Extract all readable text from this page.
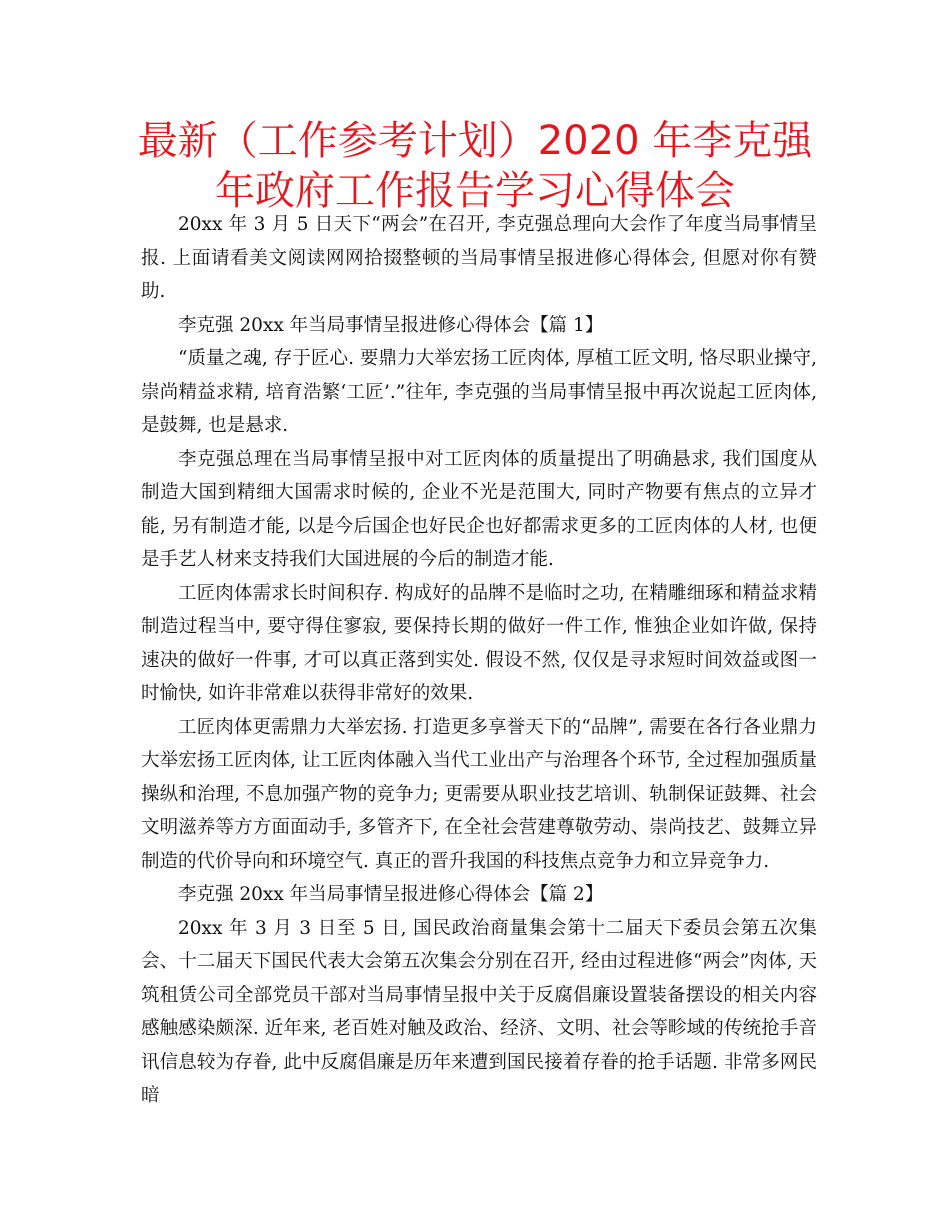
最新（工作参考计划）2020 年李克强年政府工作报告学习心得体会

20xx 年 3 月 5 日天下“两会”在召开, 李克强总理向大会作了年度当局事情呈报. 上面请看美文阅读网网拾掇整顿的当局事情呈报进修心得体会, 但愿对你有赞助.

李克强 20xx 年当局事情呈报进修心得体会【篇 1】

“质量之魂, 存于匠心. 要鼎力大举宏扬工匠肉体, 厚植工匠文明, 恪尽职业操守, 崇尚精益求精, 培育浩繁‘工匠’.”往年, 李克强的当局事情呈报中再次说起工匠肉体, 是鼓舞, 也是悬求.

李克强总理在当局事情呈报中对工匠肉体的质量提出了明确悬求, 我们国度从制造大国到精细大国需求时候的, 企业不光是范围大, 同时产物要有焦点的立异才能, 另有制造才能, 以是今后国企也好民企也好都需求更多的工匠肉体的人材, 也便是手艺人材来支持我们大国进展的今后的制造才能.

工匠肉体需求长时间积存. 构成好的品牌不是临时之功, 在精雕细琢和精益求精制造过程当中, 要守得住寥寂, 要保持长期的做好一件工作, 惟独企业如许做, 保持速决的做好一件事, 才可以真正落到实处. 假设不然, 仅仅是寻求短时间效益或图一时愉快, 如许非常难以获得非常好的效果.

工匠肉体更需鼎力大举宏扬. 打造更多享誉天下的“品牌”, 需要在各行各业鼎力大举宏扬工匠肉体, 让工匠肉体融入当代工业出产与治理各个环节, 全过程加强质量操纵和治理, 不息加强产物的竞争力; 更需要从职业技艺培训、轨制保证鼓舞、社会文明滋养等方方面面动手, 多管齐下, 在全社会营建尊敬劳动、崇尚技艺、鼓舞立异制造的代价导向和环境空气. 真正的晋升我国的科技焦点竞争力和立异竞争力.

李克强 20xx 年当局事情呈报进修心得体会【篇 2】

20xx 年 3 月 3 日至 5 日, 国民政治商量集会第十二届天下委员会第五次集会、十二届天下国民代表大会第五次集会分别在召开, 经由过程进修“两会”肉体, 天筑租赁公司全部党员干部对当局事情呈报中关于反腐倡廉设置装备摆设的相关内容感触感染颇深. 近年来, 老百姓对触及政治、经济、文明、社会等畛域的传统抢手音讯信息较为存眷, 此中反腐倡廉是历年来遭到国民接着存眷的抢手话题. 非常多网民暗
